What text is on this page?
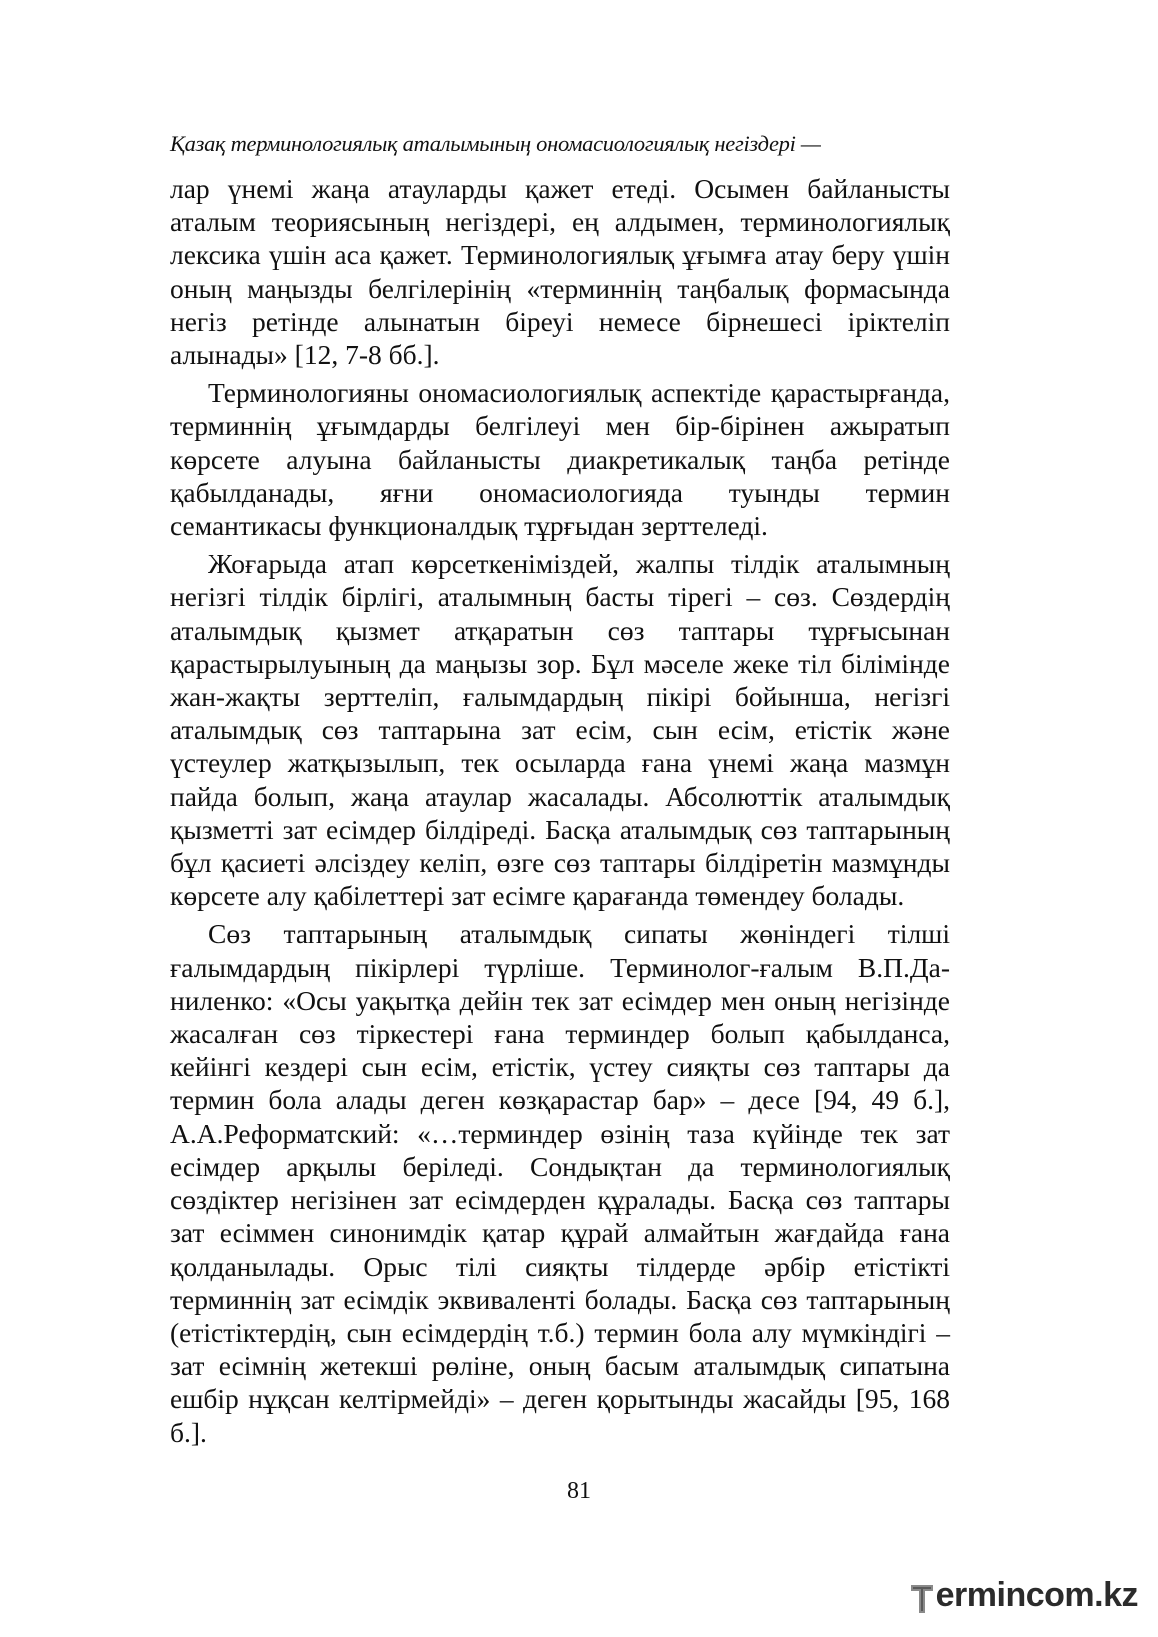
Қазақ терминологиялық аталымының ономасиологиялық негіздері —

лар үнемі жаңа атауларды қажет етеді. Осымен байланысты аталым теориясының негіздері, ең алдымен, терминологиялық лексика үшін аса қажет. Терминологиялық ұғымға атау беру үшін оның маңызды белгілерінің «терминнің таңбалық формасында негіз ретінде алынатын біреуі немесе бірнешесі іріктеліп алынады» [12, 7-8 бб.].

Терминологияны ономасиологиялық аспектіде қарастырғанда, терминнің ұғымдарды белгілеуі мен бір-бірінен ажыратып көрсете алуына байланысты диакретикалық таңба ретінде қабылданады, яғни ономасиологияда туынды термин семантикасы функционалдық тұрғыдан зерттеледі.

Жоғарыда атап көрсеткеніміздей, жалпы тілдік аталымның негізгі тілдік бірлігі, аталымның басты тірегі – сөз. Сөздердің аталымдық қызмет атқаратын сөз таптары тұрғысынан қарастырылуының да маңызы зор. Бұл мәселе жеке тіл білімінде жан-жақты зерттеліп, ғалымдардың пікірі бойынша, негізгі аталымдық сөз таптарына зат есім, сын есім, етістік және үстеулер жатқызылып, тек осыларда ғана үнемі жаңа мазмұн пайда болып, жаңа атаулар жасалады. Абсолюттік аталымдық қызметті зат есімдер білдіреді. Басқа аталымдық сөз таптарының бұл қасиеті әлсіздеу келіп, өзге сөз таптары білдіретін мазмұнды көрсете алу қабілеттері зат есімге қарағанда төмендеу болады.

Сөз таптарының аталымдық сипаты жөніндегі тілші ғалымдардың пікірлері түрліше. Терминолог-ғалым В.П.Даниленко: «Осы уақытқа дейін тек зат есімдер мен оның негізінде жасалған сөз тіркестері ғана терминдер болып қабылданса, кейінгі кездері сын есім, етістік, үстеу сияқты сөз таптары да термин бола алады деген көзқарастар бар» – десе [94, 49 б.], А.А.Реформатский: «…терминдер өзінің таза күйінде тек зат есімдер арқылы беріледі. Сондықтан да терминологиялық сөздіктер негізінен зат есімдерден құралады. Басқа сөз таптары зат есіммен синонимдік қатар құрай алмайтын жағдайда ғана қолданылады. Орыс тілі сияқты тілдерде әрбір етістікті терминнің зат есімдік эквиваленті болады. Басқа сөз таптарының (етістіктердің, сын есімдердің т.б.) термин бола алу мүмкіндігі – зат есімнің жетекші рөліне, оның басым аталымдық сипатына ешбір нұқсан келтірмейді» – деген қорытынды жасайды [95, 168 б.].

81
ermincom.kz
